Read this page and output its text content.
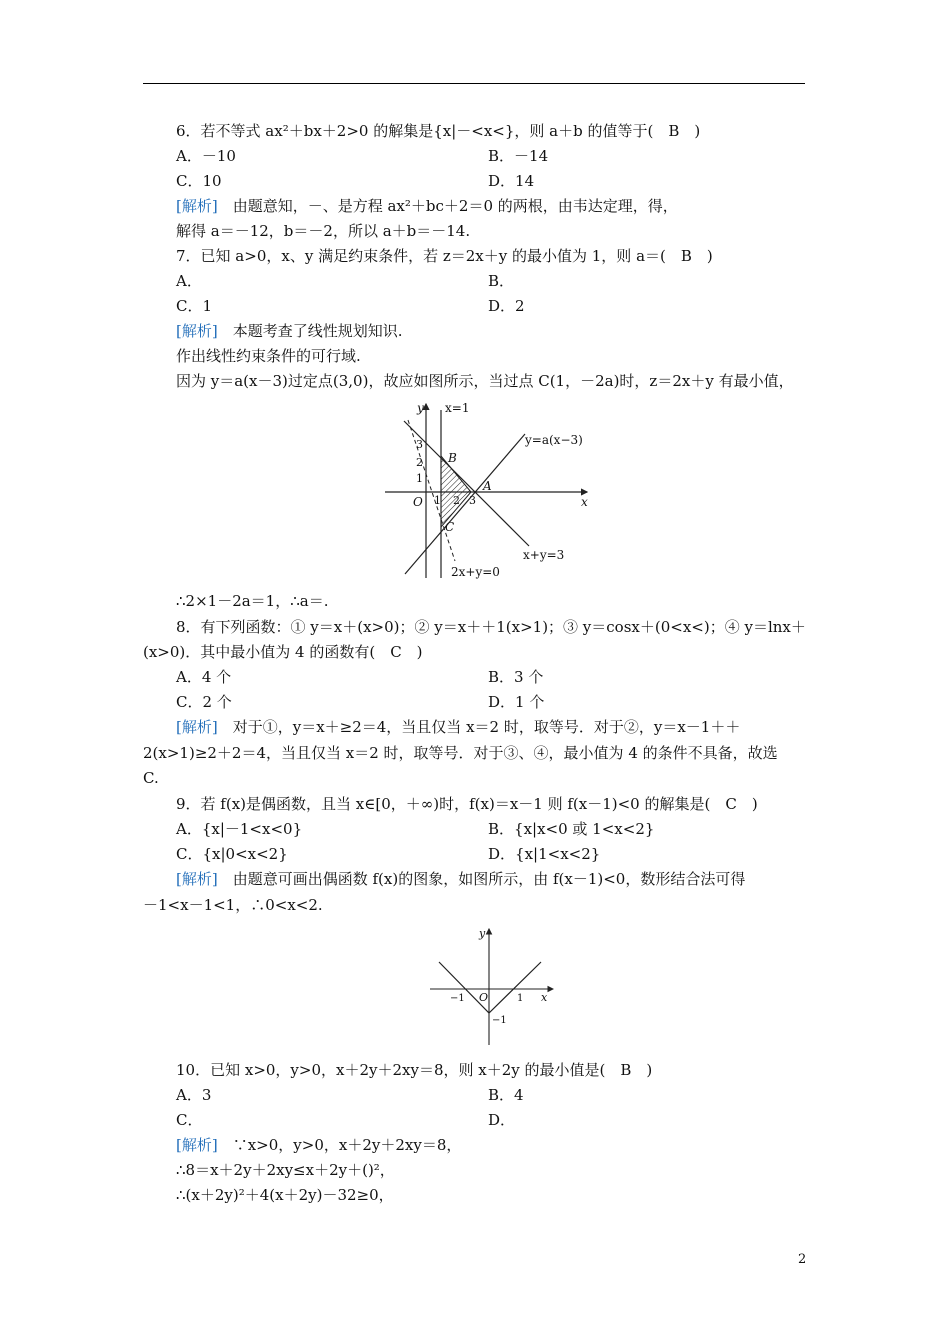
6．若不等式 ax²＋bx＋2>0 的解集是{x|－<x<}，则 a＋b 的值等于(　B　)
A．－10	B．－14
C．10	D．14
[解析]　由题意知，－、是方程 ax²＋bc＋2＝0 的两根，由韦达定理，得，
解得 a＝－12，b＝－2，所以 a＋b＝－14.
7．已知 a>0，x、y 满足约束条件，若 z＝2x＋y 的最小值为 1，则 a＝(　B　)
A．	B．
C．1	D．2
[解析]　本题考查了线性规划知识.
作出线性约束条件的可行域.
因为 y＝a(x－3)过定点(3,0)，故应如图所示，当过点 C(1，－2a)时，z＝2x＋y 有最小值，
y x=1
y=a(x−3)
x
x+y=3
2x+y=0
B
A
C
O
3
2
1
1 2 3
∴2×1－2a＝1，∴a＝.
8．有下列函数：① y＝x＋(x>0)；② y＝x＋＋1(x>1)；③ y＝cosx＋(0<x<)；④ y＝lnx＋
(x>0)．其中最小值为 4 的函数有(　C　)
A．4 个	B．3 个
C．2 个	D．1 个
[解析]　对于①，y＝x＋≥2＝4，当且仅当 x＝2 时，取等号．对于②，y＝x－1＋＋
2(x>1)≥2＋2＝4，当且仅当 x＝2 时，取等号．对于③、④，最小值为 4 的条件不具备，故选
C.
9．若 f(x)是偶函数，且当 x∈[0，＋∞)时，f(x)＝x－1 则 f(x－1)<0 的解集是(　C　)
A．{x|－1<x<0}	B．{x|x<0 或 1<x<2}
C．{x|0<x<2}	D．{x|1<x<2}
[解析]　由题意可画出偶函数 f(x)的图象，如图所示，由 f(x－1)<0，数形结合法可得
－1<x－1<1，∴0<x<2.
y
x
O
−1	1
−1
10．已知 x>0，y>0，x＋2y＋2xy＝8，则 x＋2y 的最小值是(　B　)
A．3	B．4
C．	D．
[解析]　∵x>0，y>0，x＋2y＋2xy＝8，
∴8＝x＋2y＋2xy≤x＋2y＋()²，
∴(x＋2y)²＋4(x＋2y)－32≥0，
2
